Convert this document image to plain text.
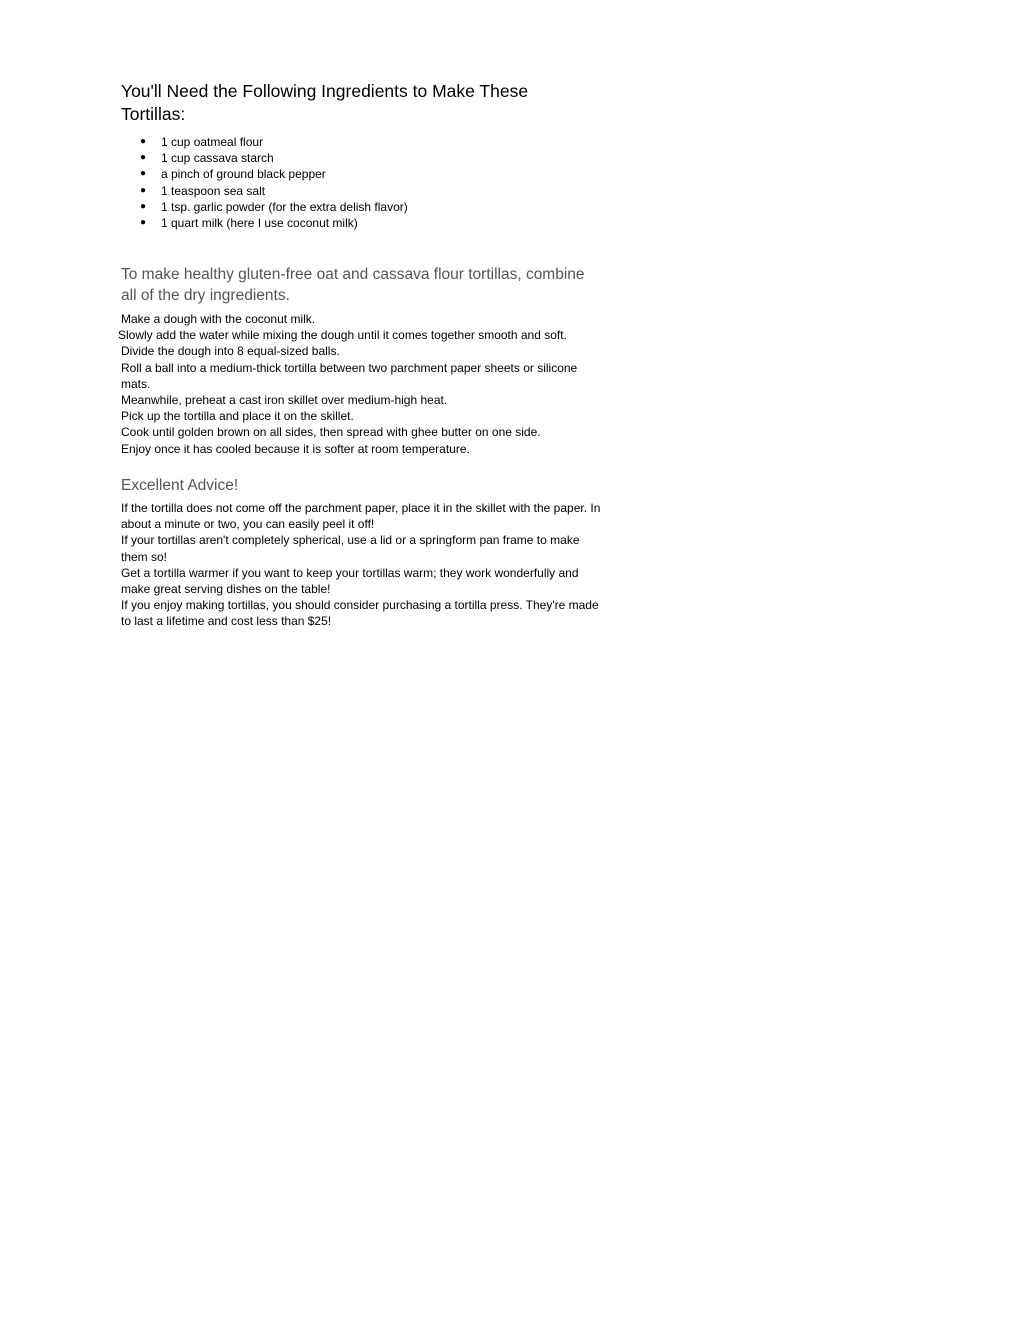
You'll Need the Following Ingredients to Make These Tortillas:
● 1 cup oatmeal flour
● 1 cup cassava starch
● a pinch of ground black pepper
● 1 teaspoon sea salt
● 1 tsp. garlic powder (for the extra delish flavor)
● 1 quart milk (here I use coconut milk)
To make healthy gluten-free oat and cassava flour tortillas, combine all of the dry ingredients.
Make a dough with the coconut milk.
Slowly add the water while mixing the dough until it comes together smooth and soft.
Divide the dough into 8 equal-sized balls.
Roll a ball into a medium-thick tortilla between two parchment paper sheets or silicone mats.
Meanwhile, preheat a cast iron skillet over medium-high heat.
Pick up the tortilla and place it on the skillet.
Cook until golden brown on all sides, then spread with ghee butter on one side.
Enjoy once it has cooled because it is softer at room temperature.
Excellent Advice!
If the tortilla does not come off the parchment paper, place it in the skillet with the paper. In about a minute or two, you can easily peel it off!
If your tortillas aren't completely spherical, use a lid or a springform pan frame to make them so!
Get a tortilla warmer if you want to keep your tortillas warm; they work wonderfully and make great serving dishes on the table!
If you enjoy making tortillas, you should consider purchasing a tortilla press. They're made to last a lifetime and cost less than $25!
